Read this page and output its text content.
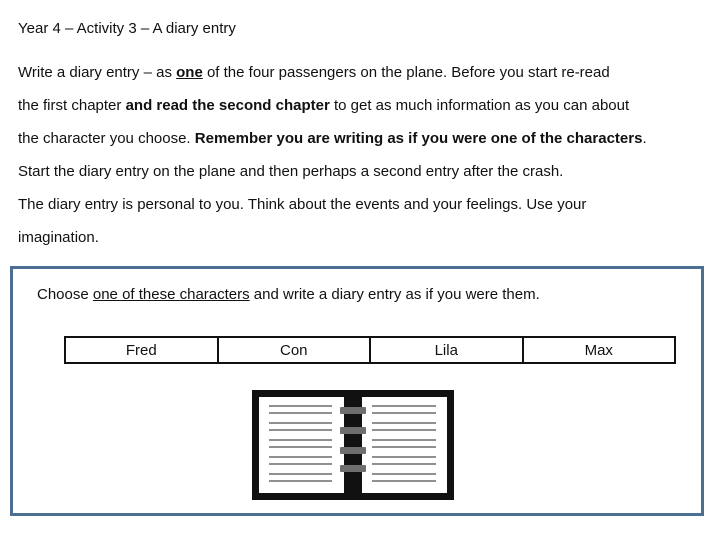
Year 4 – Activity 3 – A diary entry
Write a diary entry – as one of the four passengers on the plane. Before you start re-read
the first chapter and read the second chapter to get as much information as you can about
the character you choose. Remember you are writing as if you were one of the characters.
Start the diary entry on the plane and then perhaps a second entry after the crash.
The diary entry is personal to you. Think about the events and your feelings. Use your
imagination.
Choose one of these characters and write a diary entry as if you were them.
Fred	Con	Lila	Max
